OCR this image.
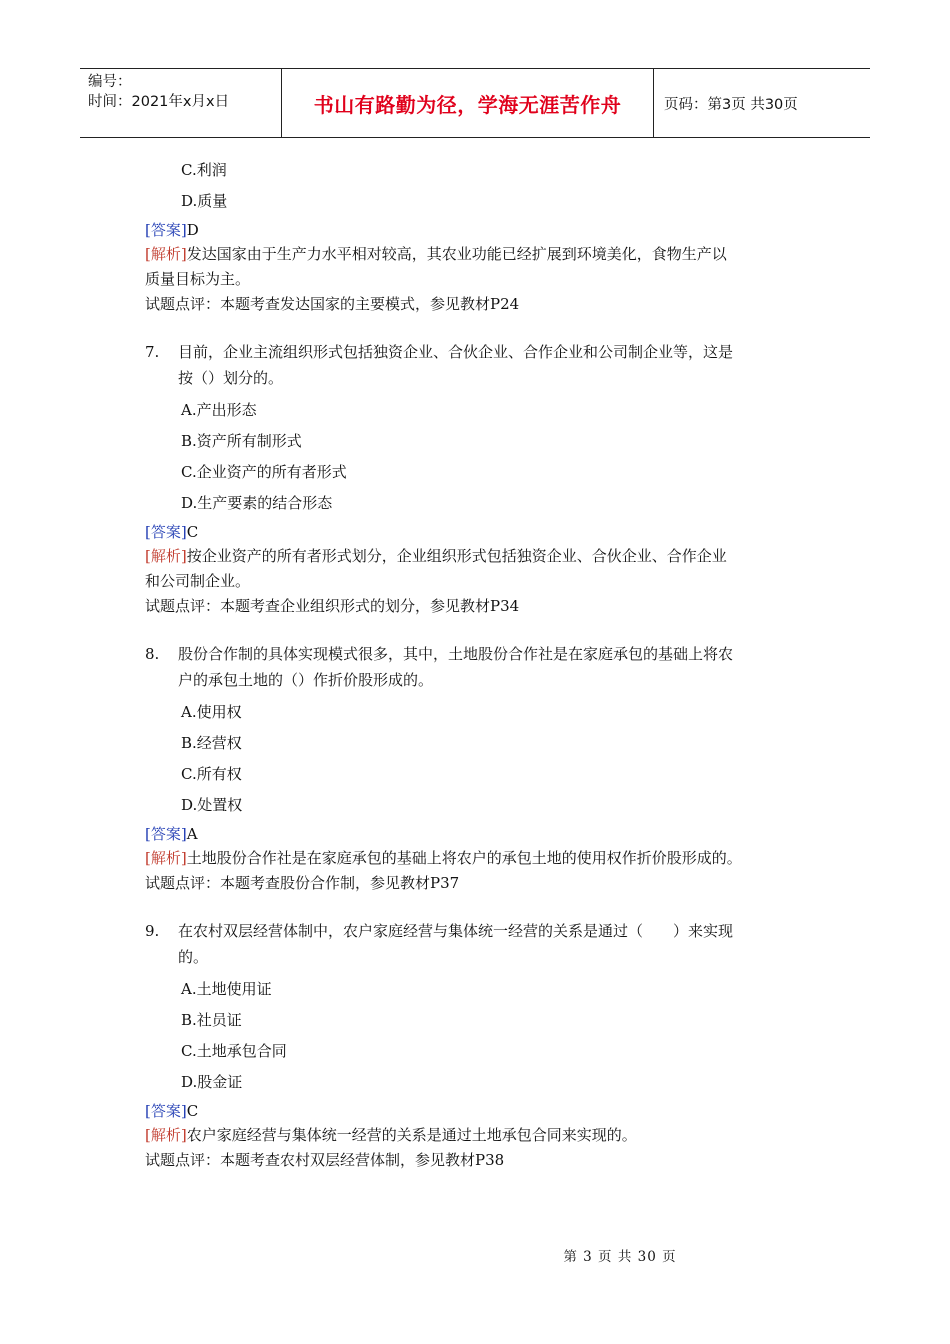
编号：
时间：2021年x月x日	书山有路勤为径，学海无涯苦作舟	页码：第3页 共30页
C.利润
D.质量
[答案]D
[解析]发达国家由于生产力水平相对较高，其农业功能已经扩展到环境美化，食物生产以
质量目标为主。
试题点评：本题考查发达国家的主要模式，参见教材P24
7. 目前，企业主流组织形式包括独资企业、合伙企业、合作企业和公司制企业等，这是
按（）划分的。
A.产出形态
B.资产所有制形式
C.企业资产的所有者形式
D.生产要素的结合形态
[答案]C
[解析]按企业资产的所有者形式划分，企业组织形式包括独资企业、合伙企业、合作企业
和公司制企业。
试题点评：本题考查企业组织形式的划分，参见教材P34
8. 股份合作制的具体实现模式很多，其中，土地股份合作社是在家庭承包的基础上将农
户的承包土地的（）作折价股形成的。
A.使用权
B.经营权
C.所有权
D.处置权
[答案]A
[解析]土地股份合作社是在家庭承包的基础上将农户的承包土地的使用权作折价股形成的。
试题点评：本题考查股份合作制，参见教材P37
9. 在农村双层经营体制中，农户家庭经营与集体统一经营的关系是通过（　　）来实现
的。
A.土地使用证
B.社员证
C.土地承包合同
D.股金证
[答案]C
[解析]农户家庭经营与集体统一经营的关系是通过土地承包合同来实现的。
试题点评：本题考查农村双层经营体制，参见教材P38
第 3 页 共 30 页
